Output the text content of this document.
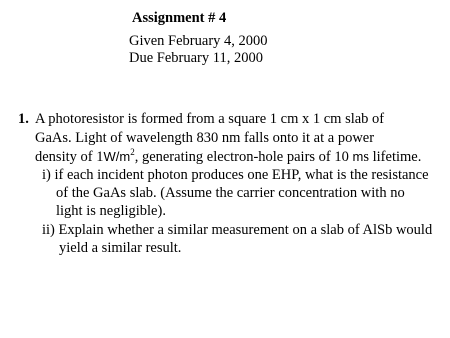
Assignment # 4
Given February 4, 2000
Due February 11, 2000
1. A photoresistor is formed from a square 1 cm x 1 cm slab of
GaAs. Light of wavelength 830 nm falls onto it at a power
density of $1W/m^2$, generating electron-hole pairs of 10 ms lifetime.
i) if each incident photon produces one EHP, what is the resistance
of the GaAs slab. (Assume the carrier concentration with no
light is negligible).
ii) Explain whether a similar measurement on a slab of AlSb would
yield a similar result.
